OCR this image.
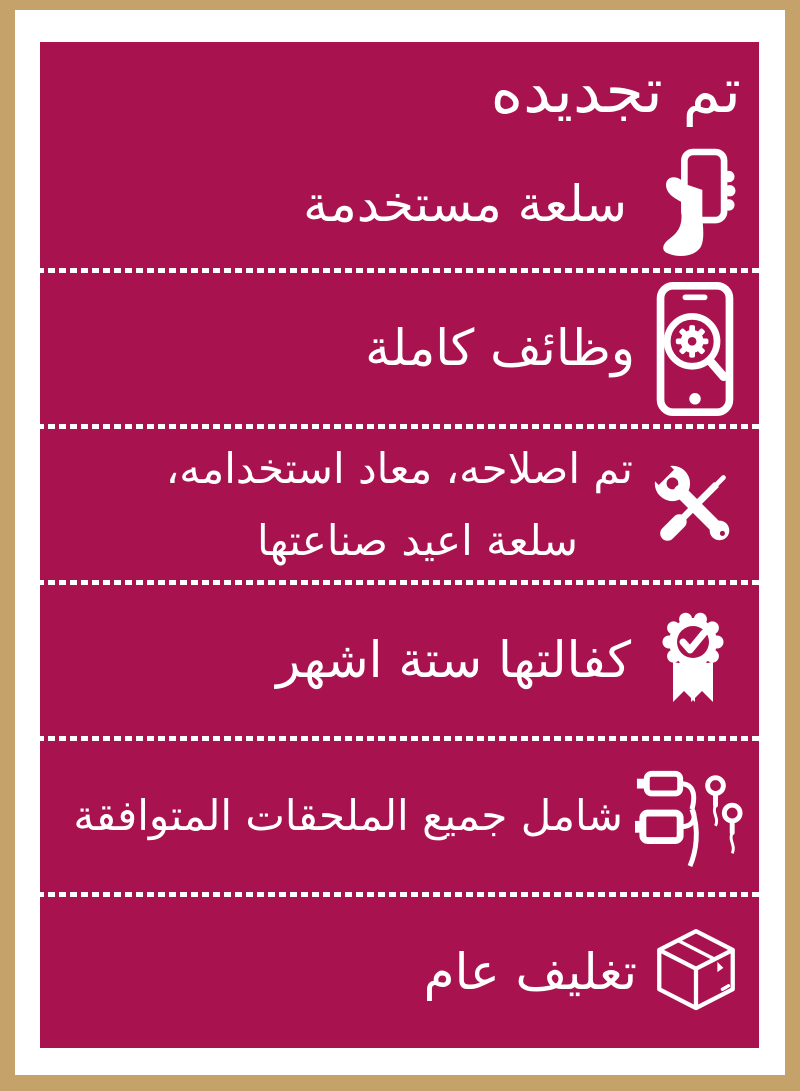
تم تجديده
سلعة مستخدمة
وظائف كاملة
تم اصلاحه، معاد استخدامه،
سلعة اعيد صناعتها
كفالتها ستة اشهر
شامل جميع الملحقات المتوافقة
تغليف عام
